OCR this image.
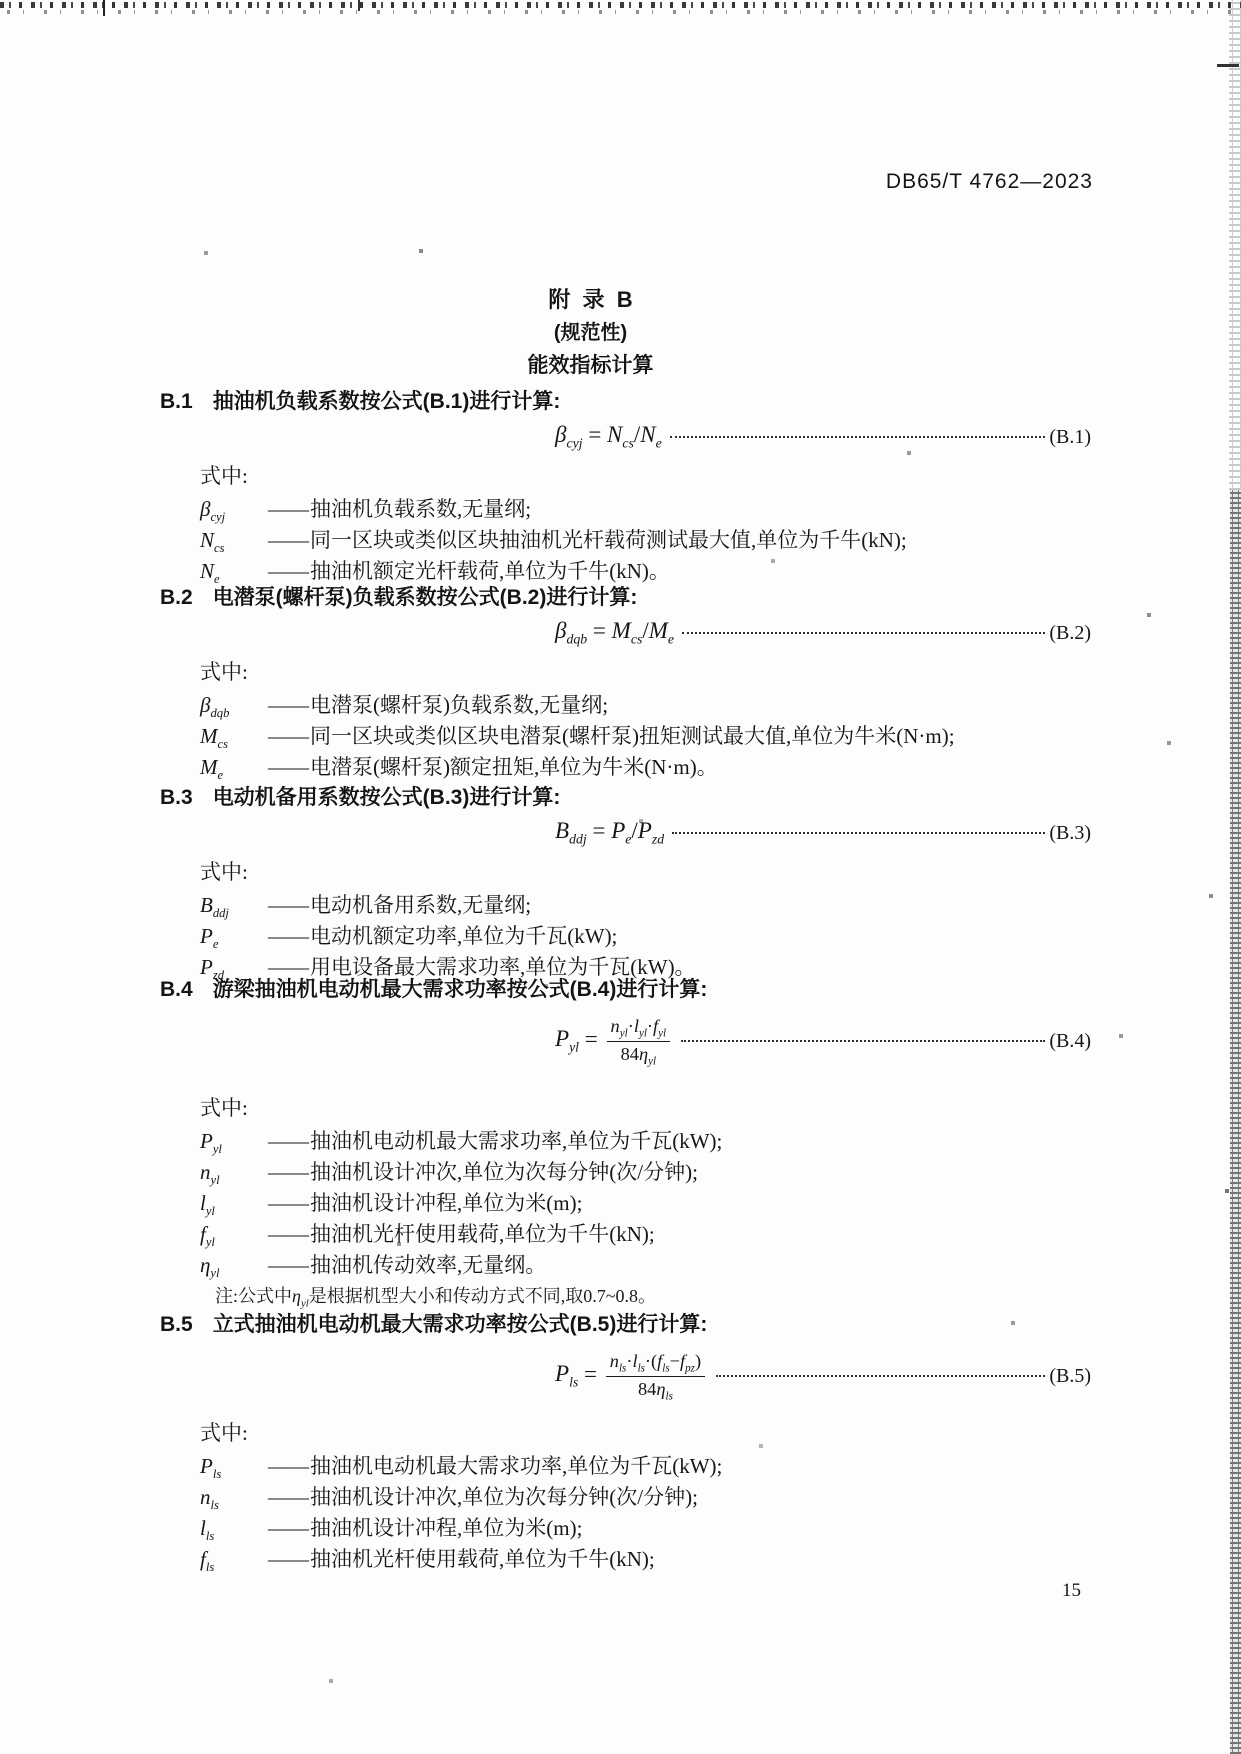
DB65/T 4762—2023
附  录  B
(规范性)
能效指标计算
B.1 抽油机负载系数按公式(B.1)进行计算:
$\beta_{cyj} = N_{cs}/N_e$	(B.1)
式中:
$\beta_{cyj}$	—— 抽油机负载系数,无量纲;
$N_{cs}$	—— 同一区块或类似区块抽油机光杆载荷测试最大值,单位为千牛(kN);
$N_e$	—— 抽油机额定光杆载荷,单位为千牛(kN)。
B.2 电潜泵(螺杆泵)负载系数按公式(B.2)进行计算:
$\beta_{dqb} = M_{cs}/M_e$	(B.2)
式中:
$\beta_{dqb}$	—— 电潜泵(螺杆泵)负载系数,无量纲;
$M_{cs}$	—— 同一区块或类似区块电潜泵(螺杆泵)扭矩测试最大值,单位为牛米(N·m);
$M_e$	—— 电潜泵(螺杆泵)额定扭矩,单位为牛米(N·m)。
B.3 电动机备用系数按公式(B.3)进行计算:
$B_{ddj} = P_e/P_{zd}$	(B.3)
式中:
$B_{ddj}$	—— 电动机备用系数,无量纲;
$P_e$	—— 电动机额定功率,单位为千瓦(kW);
$P_{zd}$	—— 用电设备最大需求功率,单位为千瓦(kW)。
B.4 游梁抽油机电动机最大需求功率按公式(B.4)进行计算:
$P_{yl} = \frac{n_{yl}\cdot l_{yl}\cdot f_{yl}}{84\eta_{yl}}$	(B.4)
式中:
$P_{yl}$	—— 抽油机电动机最大需求功率,单位为千瓦(kW);
$n_{yl}$	—— 抽油机设计冲次,单位为次每分钟(次/分钟);
$l_{yl}$	—— 抽油机设计冲程,单位为米(m);
$f_{yl}$	—— 抽油机光杆使用载荷,单位为千牛(kN);
$\eta_{yl}$	—— 抽油机传动效率,无量纲。
注:公式中$\eta_{yl}$是根据机型大小和传动方式不同,取0.7~0.8。
B.5 立式抽油机电动机最大需求功率按公式(B.5)进行计算:
$P_{ls} = \frac{n_{ls}\cdot l_{ls}\cdot(f_{ls}-f_{pz})}{84\eta_{ls}}$	(B.5)
式中:
$P_{ls}$	—— 抽油机电动机最大需求功率,单位为千瓦(kW);
$n_{ls}$	—— 抽油机设计冲次,单位为次每分钟(次/分钟);
$l_{ls}$	—— 抽油机设计冲程,单位为米(m);
$f_{ls}$	—— 抽油机光杆使用载荷,单位为千牛(kN);
15
